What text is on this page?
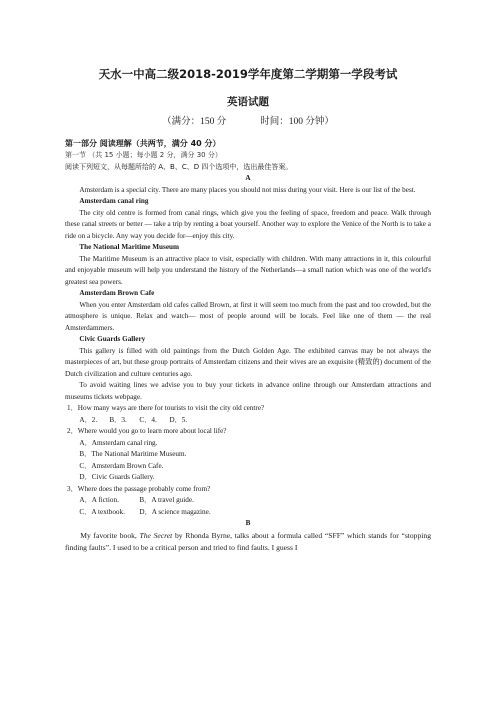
天水一中高二级2018-2019学年度第二学期第一学段考试
英语试题
（满分：150 分	时间：100 分钟）
第一部分 阅读理解（共两节，满分 40 分）
第一节 （共 15 小题；每小题 2 分，满分 30 分）
阅读下列短文，从每题所给的 A、B、C、D 四个选项中，选出最佳答案。
A
Amsterdam is a special city. There are many places you should not miss during your visit. Here is our list of the best.
Amsterdam canal ring
The city old centre is formed from canal rings, which give you the feeling of space, freedom and peace. Walk through these canal streets or better — take a trip by renting a boat yourself. Another way to explore the Venice of the North is to take a ride on a bicycle. Any way you decide for—enjoy this city.
The National Maritime Museum
The Maritime Museum is an attractive place to visit, especially with children. With many attractions in it, this colourful and enjoyable museum will help you understand the history of the Netherlands—a small nation which was one of the world's greatest sea powers.
Amsterdam Brown Cafe
When you enter Amsterdam old cafes called Brown, at first it will seem too much from the past and too crowded, but the atmosphere is unique. Relax and watch— most of people around will be locals. Feel like one of them — the real Amsterdammers.
Civic Guards Gallery
This gallery is filled with old paintings from the Dutch Golden Age. The exhibited canvas may be not always the masterpieces of art, but these group portraits of Amsterdam citizens and their wives are an exquisite (精致的) document of the Dutch civilization and culture centuries ago.
To avoid waiting lines we advise you to buy your tickets in advance online through our Amsterdam attractions and museums tickets webpage.
1．How many ways are there for tourists to visit the city old centre?
A．2. B．3. C．4. D．5.
2．Where would you go to learn more about local life?
A．Amsterdam canal ring.
B．The National Maritime Museum.
C．Amsterdam Brown Cafe.
D．Civic Guards Gallery.
3．Where does the passage probably come from?
A．A fiction.	B．A travel guide.
C．A textbook. D．A science magazine.
B
My favorite book, The Secret by Rhonda Byrne, talks about a formula called “SFF” which stands for “stopping finding faults”. I used to be a critical person and tried to find faults. I guess I
